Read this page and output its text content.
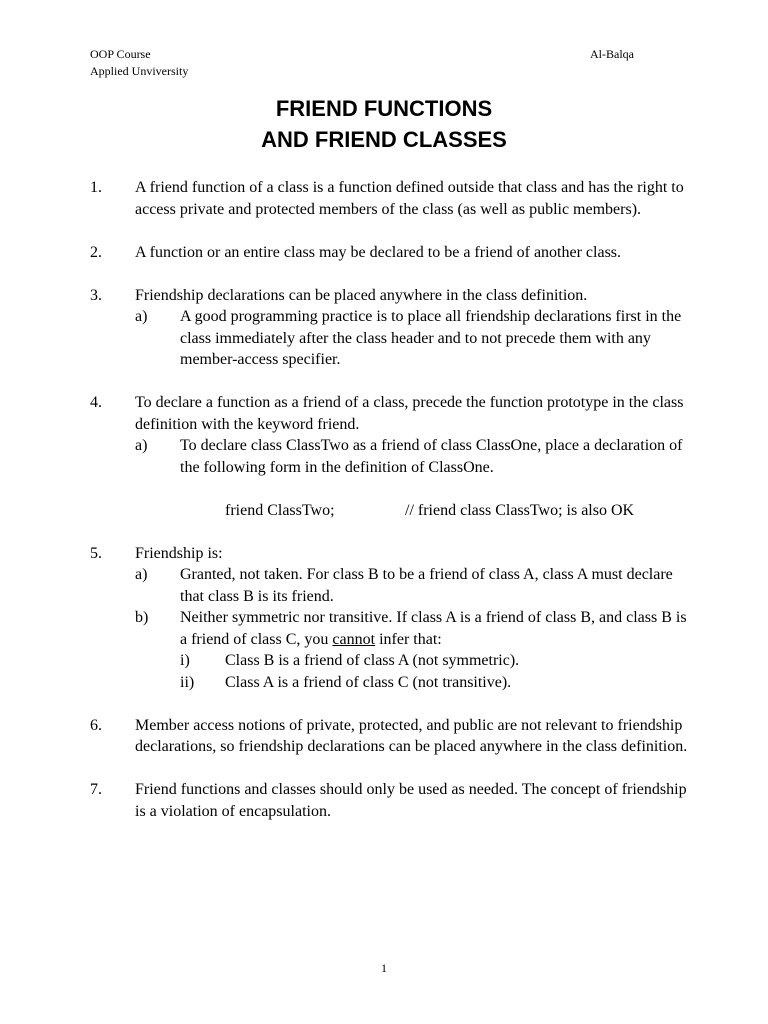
OOP Course
Applied Unviversity
Al-Balqa
FRIEND FUNCTIONS
AND FRIEND CLASSES
1. A friend function of a class is a function defined outside that class and has the right to access private and protected members of the class (as well as public members).
2. A function or an entire class may be declared to be a friend of another class.
3. Friendship declarations can be placed anywhere in the class definition.
a) A good programming practice is to place all friendship declarations first in the class immediately after the class header and to not precede them with any member-access specifier.
4. To declare a function as a friend of a class, precede the function prototype in the class definition with the keyword friend.
a) To declare class ClassTwo as a friend of class ClassOne, place a declaration of the following form in the definition of ClassOne.
friend ClassTwo;	// friend class ClassTwo; is also OK
5. Friendship is:
a) Granted, not taken. For class B to be a friend of class A, class A must declare that class B is its friend.
b) Neither symmetric nor transitive. If class A is a friend of class B, and class B is a friend of class C, you cannot infer that:
i) Class B is a friend of class A (not symmetric).
ii) Class A is a friend of class C (not transitive).
6. Member access notions of private, protected, and public are not relevant to friendship declarations, so friendship declarations can be placed anywhere in the class definition.
7. Friend functions and classes should only be used as needed. The concept of friendship is a violation of encapsulation.
1
